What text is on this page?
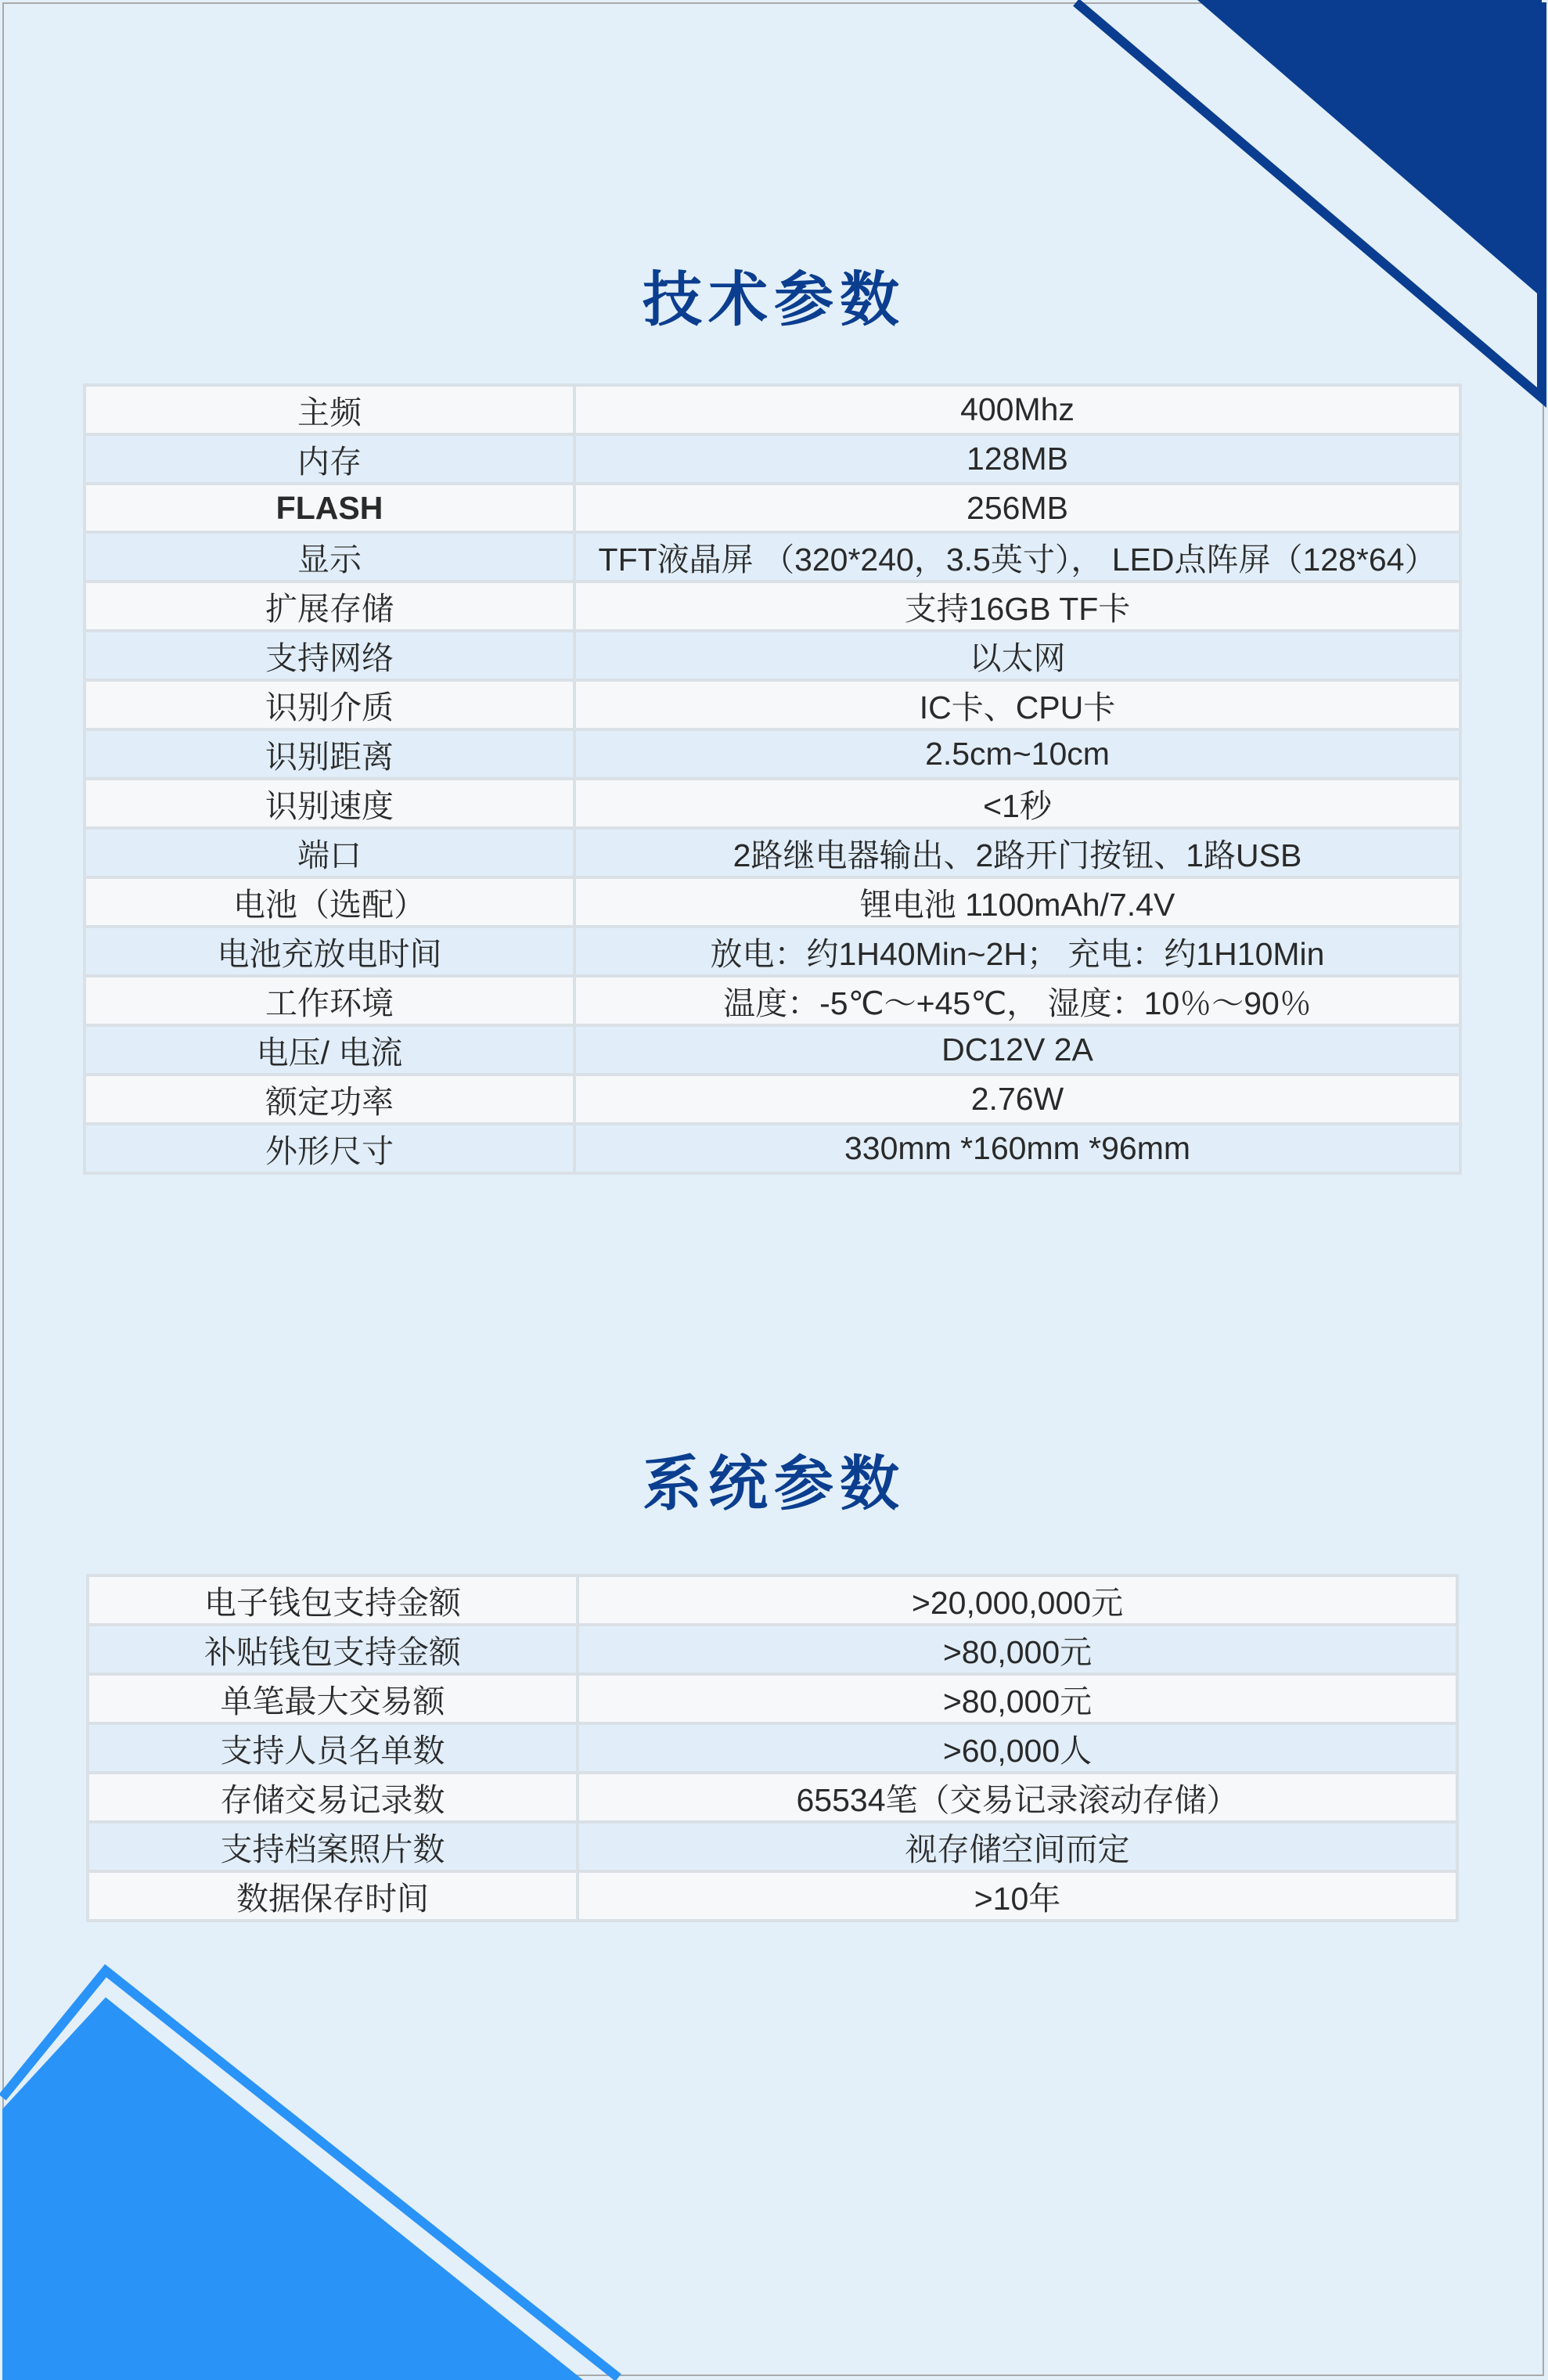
技术参数
主频	400Mhz
内存	128MB
FLASH	256MB
显示	TFT液晶屏 （320*240，3.5英寸）， LED点阵屏（128*64）
扩展存储	支持16GB TF卡
支持网络	以太网
识别介质	IC卡、CPU卡
识别距离	2.5cm~10cm
识别速度	<1秒
端口	2路继电器输出、2路开门按钮、1路USB
电池（选配）	锂电池 1100mAh/7.4V
电池充放电时间	放电：约1H40Min~2H； 充电：约1H10Min
工作环境	温度：-5℃～+45℃， 湿度：10％～90％
电压/ 电流	DC12V 2A
额定功率	2.76W
外形尺寸	330mm *160mm *96mm
系统参数
电子钱包支持金额	>20,000,000元
补贴钱包支持金额	>80,000元
单笔最大交易额	>80,000元
支持人员名单数	>60,000人
存储交易记录数	65534笔（交易记录滚动存储）
支持档案照片数	视存储空间而定
数据保存时间	>10年
